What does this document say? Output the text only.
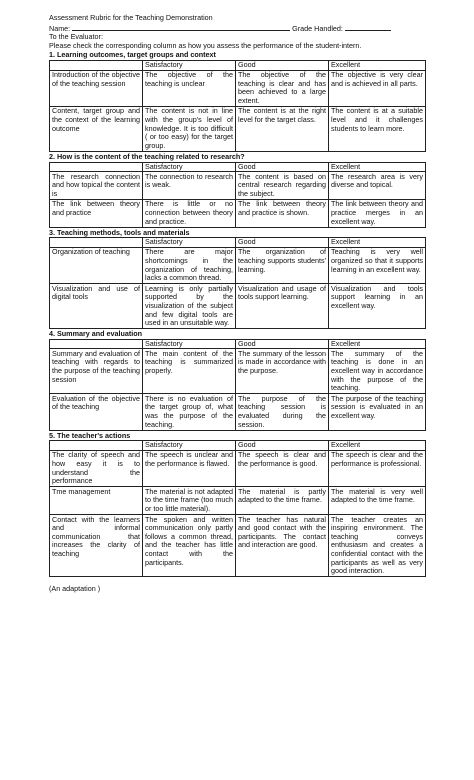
Assessment Rubric for the Teaching Demonstration
Name:	Grade Handled:
To the Evaluator:
Please check the corresponding column as how you assess the performance of the student-intern.
1. Learning outcomes, target groups and context
	Satisfactory	Good	Excellent
Introduction of the objective of the teaching session	The objective of the teaching is unclear	The objective of the teaching is clear and has been achieved to a large extent.	The objective is very clear and is achieved in all parts.
Content, target group and the context of the learning outcome	The content is not in line with the group's level of knowledge. It is too difficult ( or too easy) for the target group.	The content is at the right level for the target class.	The content is at a suitable level and it challenges students to learn more.
2. How is the content of the teaching related to research?
	Satisfactory	Good	Excellent
The research connection and how topical the content is	The connection to research is weak.	The content is based on central research regarding the subject.	The research area is very diverse and topical.
The link between theory and practice	There is little or no connection between theory and practice.	The link between theory and practice is shown.	The link between theory and practice merges in an excellent way.
3. Teaching methods, tools and materials
	Satisfactory	Good	Excellent
Organization of teaching	There are major shortcomings in the organization of teaching, lacks a common thread.	The organization of teaching supports students' learning.	Teaching is very well organized so that it supports learning in an excellent way.
Visualization and use of digital tools	Learning is only partially supported by the visualization of the subject and few digital tools are used in an unsuitable way.	Visualization and usage of tools support learning.	Visualization and tools support learning in an excellent way.
4. Summary and evaluation
	Satisfactory	Good	Excellent
Summary and evaluation of teaching with regards to the purpose of the teaching session	The main content of the teaching is summarized properly.	The summary of the lesson is made in accordance with the purpose.	The summary of the teaching is done in an excellent way in accordance with the purpose of the teaching.
Evaluation of the objective of the teaching	There is no evaluation of the target group of, what was the purpose of the teaching.	The purpose of the teaching session is evaluated during the session.	The purpose of the teaching session is evaluated in an excellent way.
5. The teacher's actions
	Satisfactory	Good	Excellent
The clarity of speech and how easy it is to understand the performance	The speech is unclear and the performance is flawed.	The speech is clear and the performance is good.	The speech is clear and the performance is professional.
Tme management	The material is not adapted to the time frame (too much or too little material).	The material is partly adapted to the time frame.	The material is very well adapted to the time frame.
Contact with the learners and informal communication that increases the clarity of teaching	The spoken and written communication only partly follows a common thread, and the teacher has little contact with the participants.	The teacher has natural and good contact with the participants. The contact and interaction are good.	The teacher creates an inspiring environment. The teaching conveys enthusiasm and creates a confidential contact with the participants as well as very good interaction.
(An adaptation )
